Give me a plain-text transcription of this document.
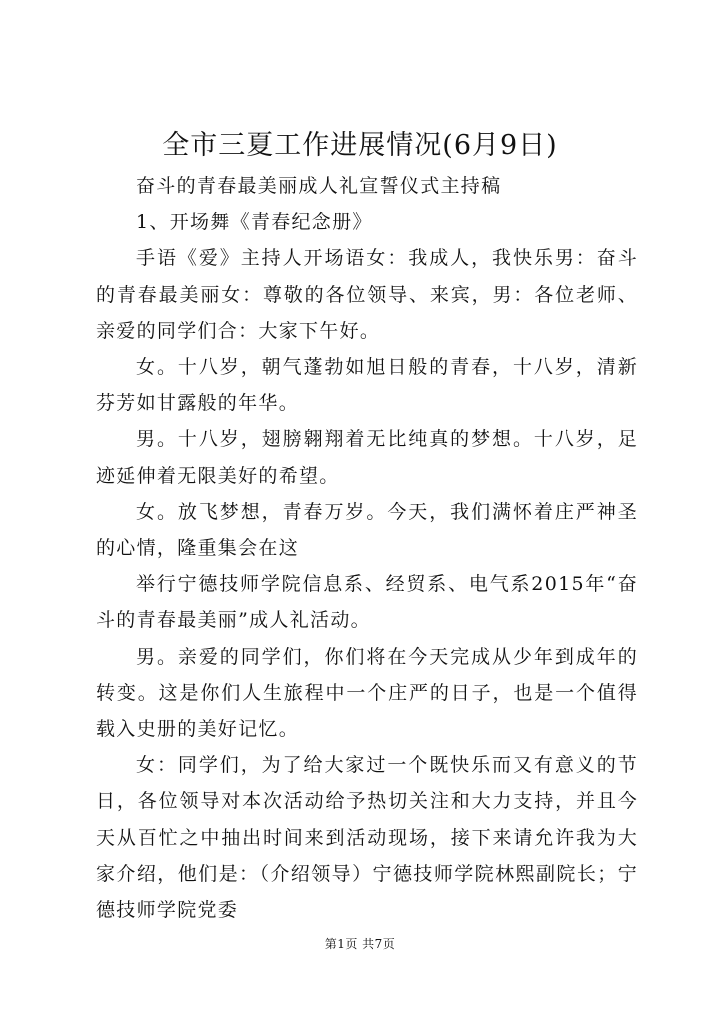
全市三夏工作进展情况(6月9日)

奋斗的青春最美丽成人礼宣誓仪式主持稿

1、开场舞《青春纪念册》

手语《爱》主持人开场语女：我成人，我快乐男：奋斗的青春最美丽女：尊敬的各位领导、来宾，男：各位老师、亲爱的同学们合：大家下午好。

女。十八岁，朝气蓬勃如旭日般的青春，十八岁，清新芬芳如甘露般的年华。

男。十八岁，翅膀翱翔着无比纯真的梦想。十八岁，足迹延伸着无限美好的希望。

女。放飞梦想，青春万岁。今天，我们满怀着庄严神圣的心情，隆重集会在这

举行宁德技师学院信息系、经贸系、电气系2015年“奋斗的青春最美丽”成人礼活动。

男。亲爱的同学们，你们将在今天完成从少年到成年的转变。这是你们人生旅程中一个庄严的日子，也是一个值得载入史册的美好记忆。

女：同学们，为了给大家过一个既快乐而又有意义的节日，各位领导对本次活动给予热切关注和大力支持，并且今天从百忙之中抽出时间来到活动现场，接下来请允许我为大家介绍，他们是：（介绍领导）宁德技师学院林熙副院长；宁德技师学院党委

第1页 共7页
